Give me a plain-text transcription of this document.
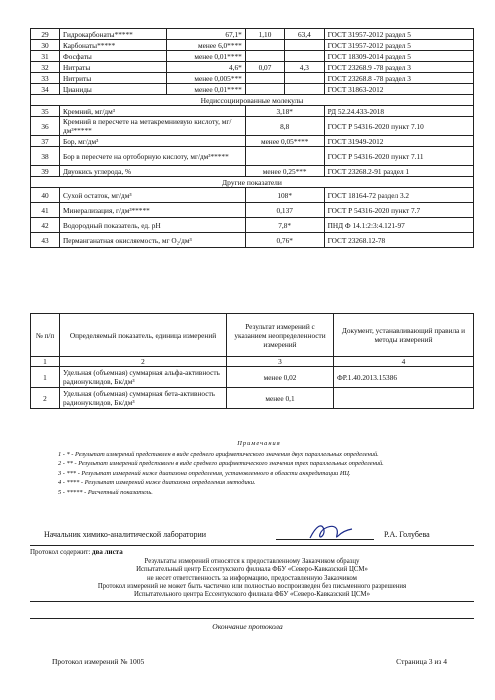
29	Гидрокарбонаты*****	67,1*	1,10	63,4	ГОСТ 31957-2012 раздел 5
30	Карбонаты*****	менее 6,0****			ГОСТ 31957-2012 раздел 5
31	Фосфаты	менее 0,01****			ГОСТ 18309-2014 раздел 5
32	Нитраты	4,6*	0,07	4,3	ГОСТ 23268.9 -78 раздел 3
33	Нитриты	менее 0,005***			ГОСТ 23268.8 -78 раздел 3
34	Цианиды	менее 0,01****			ГОСТ 31863-2012
Недиссоциированные молекулы					
35	Кремний, мг/дм³		3,18*		РД 52.24.433-2018
36	Кремний в пересчете на метакремниевую кислоту, мг/дм³*****		8,8		ГОСТ Р 54316-2020 пункт 7.10
37	Бор, мг/дм³		менее 0,05****		ГОСТ 31949-2012
38	Бор в пересчете на ортоборную кислоту, мг/дм³*****				ГОСТ Р 54316-2020 пункт 7.11
39	Двуокись углерода, %		менее 0,25***		ГОСТ 23268.2-91 раздел 1
Другие показатели					
40	Сухой остаток, мг/дм³		108*		ГОСТ 18164-72 раздел 3.2
41	Минерализация, г/дм³*****		0,137		ГОСТ Р 54316-2020 пункт 7.7
42	Водородный показатель, ед. pH		7,8*		ПНД Ф 14.1:2:3:4.121-97
43	Перманганатная окисляемость, мг O₂/дм³		0,76*		ГОСТ 23268.12-78
№ п/п	Определяемый показатель, единица измерений	Результат измерений с указанием неопределенности измерений	Документ, устанавливающий правила и методы измерений
1	2	3	4
1	Удельная (объемная) суммарная альфа-активность радионуклидов, Бк/дм³	менее 0,02	ФР.1.40.2013.15386
2	Удельная (объемная) суммарная бета-активность радионуклидов, Бк/дм³	менее 0,1	
Примечания

1 - * - Результат измерений представлен в виде среднего арифметического значения двух параллельных определений.

2 - ** - Результат измерений представлен в виде среднего арифметического значения трех параллельных определений.

3 - *** - Результат измерений ниже диапазона определения, установленного в области аккредитации ИЦ.

4 - **** - Результат измерений ниже диапазона определения методики.

5 - ***** - Расчетный показатель.

Начальник химико-аналитической лаборатории	Р.А. Голубева
Протокол содержит: два листа
Результаты измерений относятся к предоставленному Заказчиком образцу
Испытательный центр Ессентукского филиала ФБУ «Северо-Кавказский ЦСМ»
не несет ответственность за информацию, предоставленную Заказчиком
Протокол измерений не может быть частично или полностью воспроизведен без письменного разрешения
Испытательного центра Ессентукского филиала ФБУ «Северо-Кавказский ЦСМ»
Окончание протокола
Протокол измерений № 1005	Страница 3 из 4
